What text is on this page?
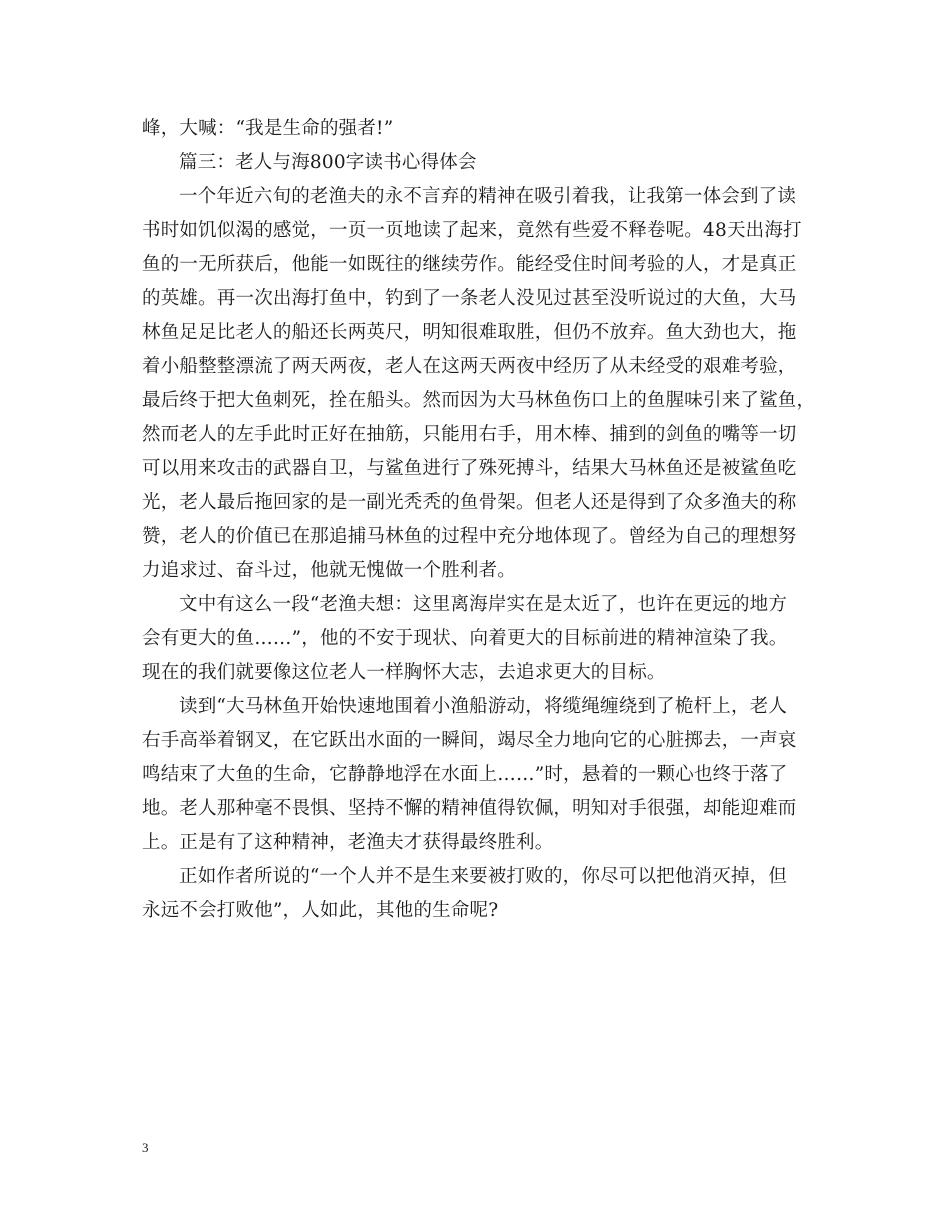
峰，大喊：“我是生命的强者!”
篇三：老人与海800字读书心得体会
一个年近六旬的老渔夫的永不言弃的精神在吸引着我，让我第一体会到了读
书时如饥似渴的感觉，一页一页地读了起来，竟然有些爱不释卷呢。48天出海打
鱼的一无所获后，他能一如既往的继续劳作。能经受住时间考验的人，才是真正
的英雄。再一次出海打鱼中，钓到了一条老人没见过甚至没听说过的大鱼，大马
林鱼足足比老人的船还长两英尺，明知很难取胜，但仍不放弃。鱼大劲也大，拖
着小船整整漂流了两天两夜，老人在这两天两夜中经历了从未经受的艰难考验，
最后终于把大鱼刺死，拴在船头。然而因为大马林鱼伤口上的鱼腥味引来了鲨鱼，
然而老人的左手此时正好在抽筋，只能用右手，用木棒、捕到的剑鱼的嘴等一切
可以用来攻击的武器自卫，与鲨鱼进行了殊死搏斗，结果大马林鱼还是被鲨鱼吃
光，老人最后拖回家的是一副光秃秃的鱼骨架。但老人还是得到了众多渔夫的称
赞，老人的价值已在那追捕马林鱼的过程中充分地体现了。曾经为自己的理想努
力追求过、奋斗过，他就无愧做一个胜利者。
文中有这么一段“老渔夫想：这里离海岸实在是太近了，也许在更远的地方
会有更大的鱼……”，他的不安于现状、向着更大的目标前进的精神渲染了我。
现在的我们就要像这位老人一样胸怀大志，去追求更大的目标。
读到“大马林鱼开始快速地围着小渔船游动，将缆绳缠绕到了桅杆上，老人
右手高举着钢叉，在它跃出水面的一瞬间，竭尽全力地向它的心脏掷去，一声哀
鸣结束了大鱼的生命，它静静地浮在水面上……”时，悬着的一颗心也终于落了
地。老人那种毫不畏惧、坚持不懈的精神值得钦佩，明知对手很强，却能迎难而
上。正是有了这种精神，老渔夫才获得最终胜利。
正如作者所说的“一个人并不是生来要被打败的，你尽可以把他消灭掉，但
永远不会打败他”，人如此，其他的生命呢?
3
